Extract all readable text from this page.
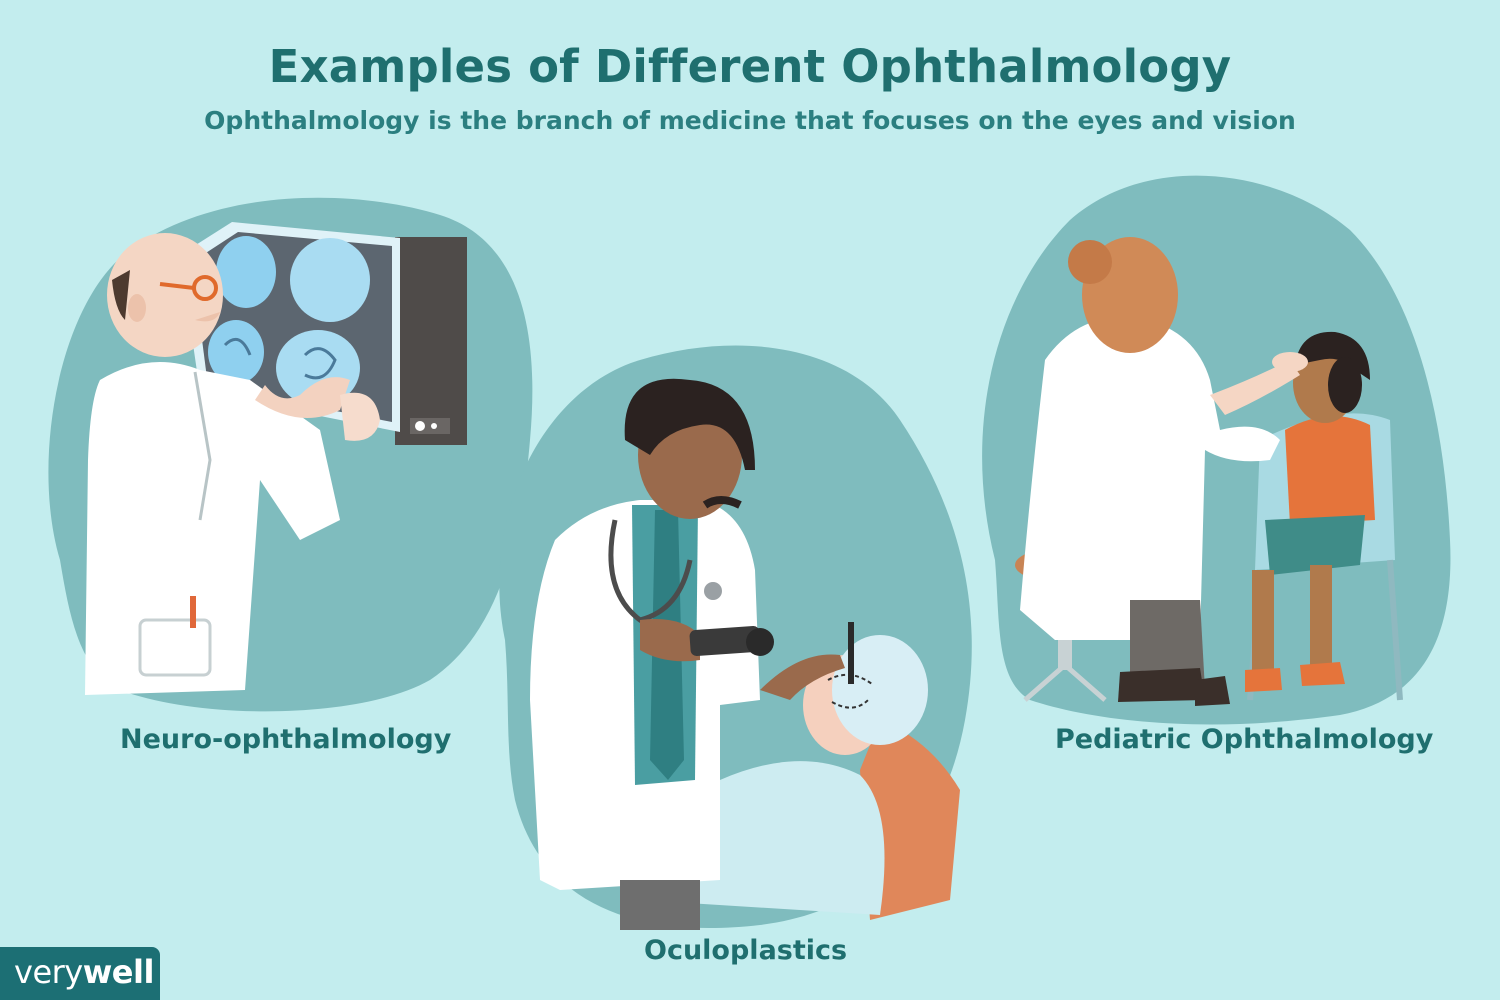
Examples of Different Ophthalmology
Ophthalmology is the branch of medicine that focuses on the eyes and vision
Neuro-ophthalmology
Oculoplastics
Pediatric Ophthalmology
verywell
